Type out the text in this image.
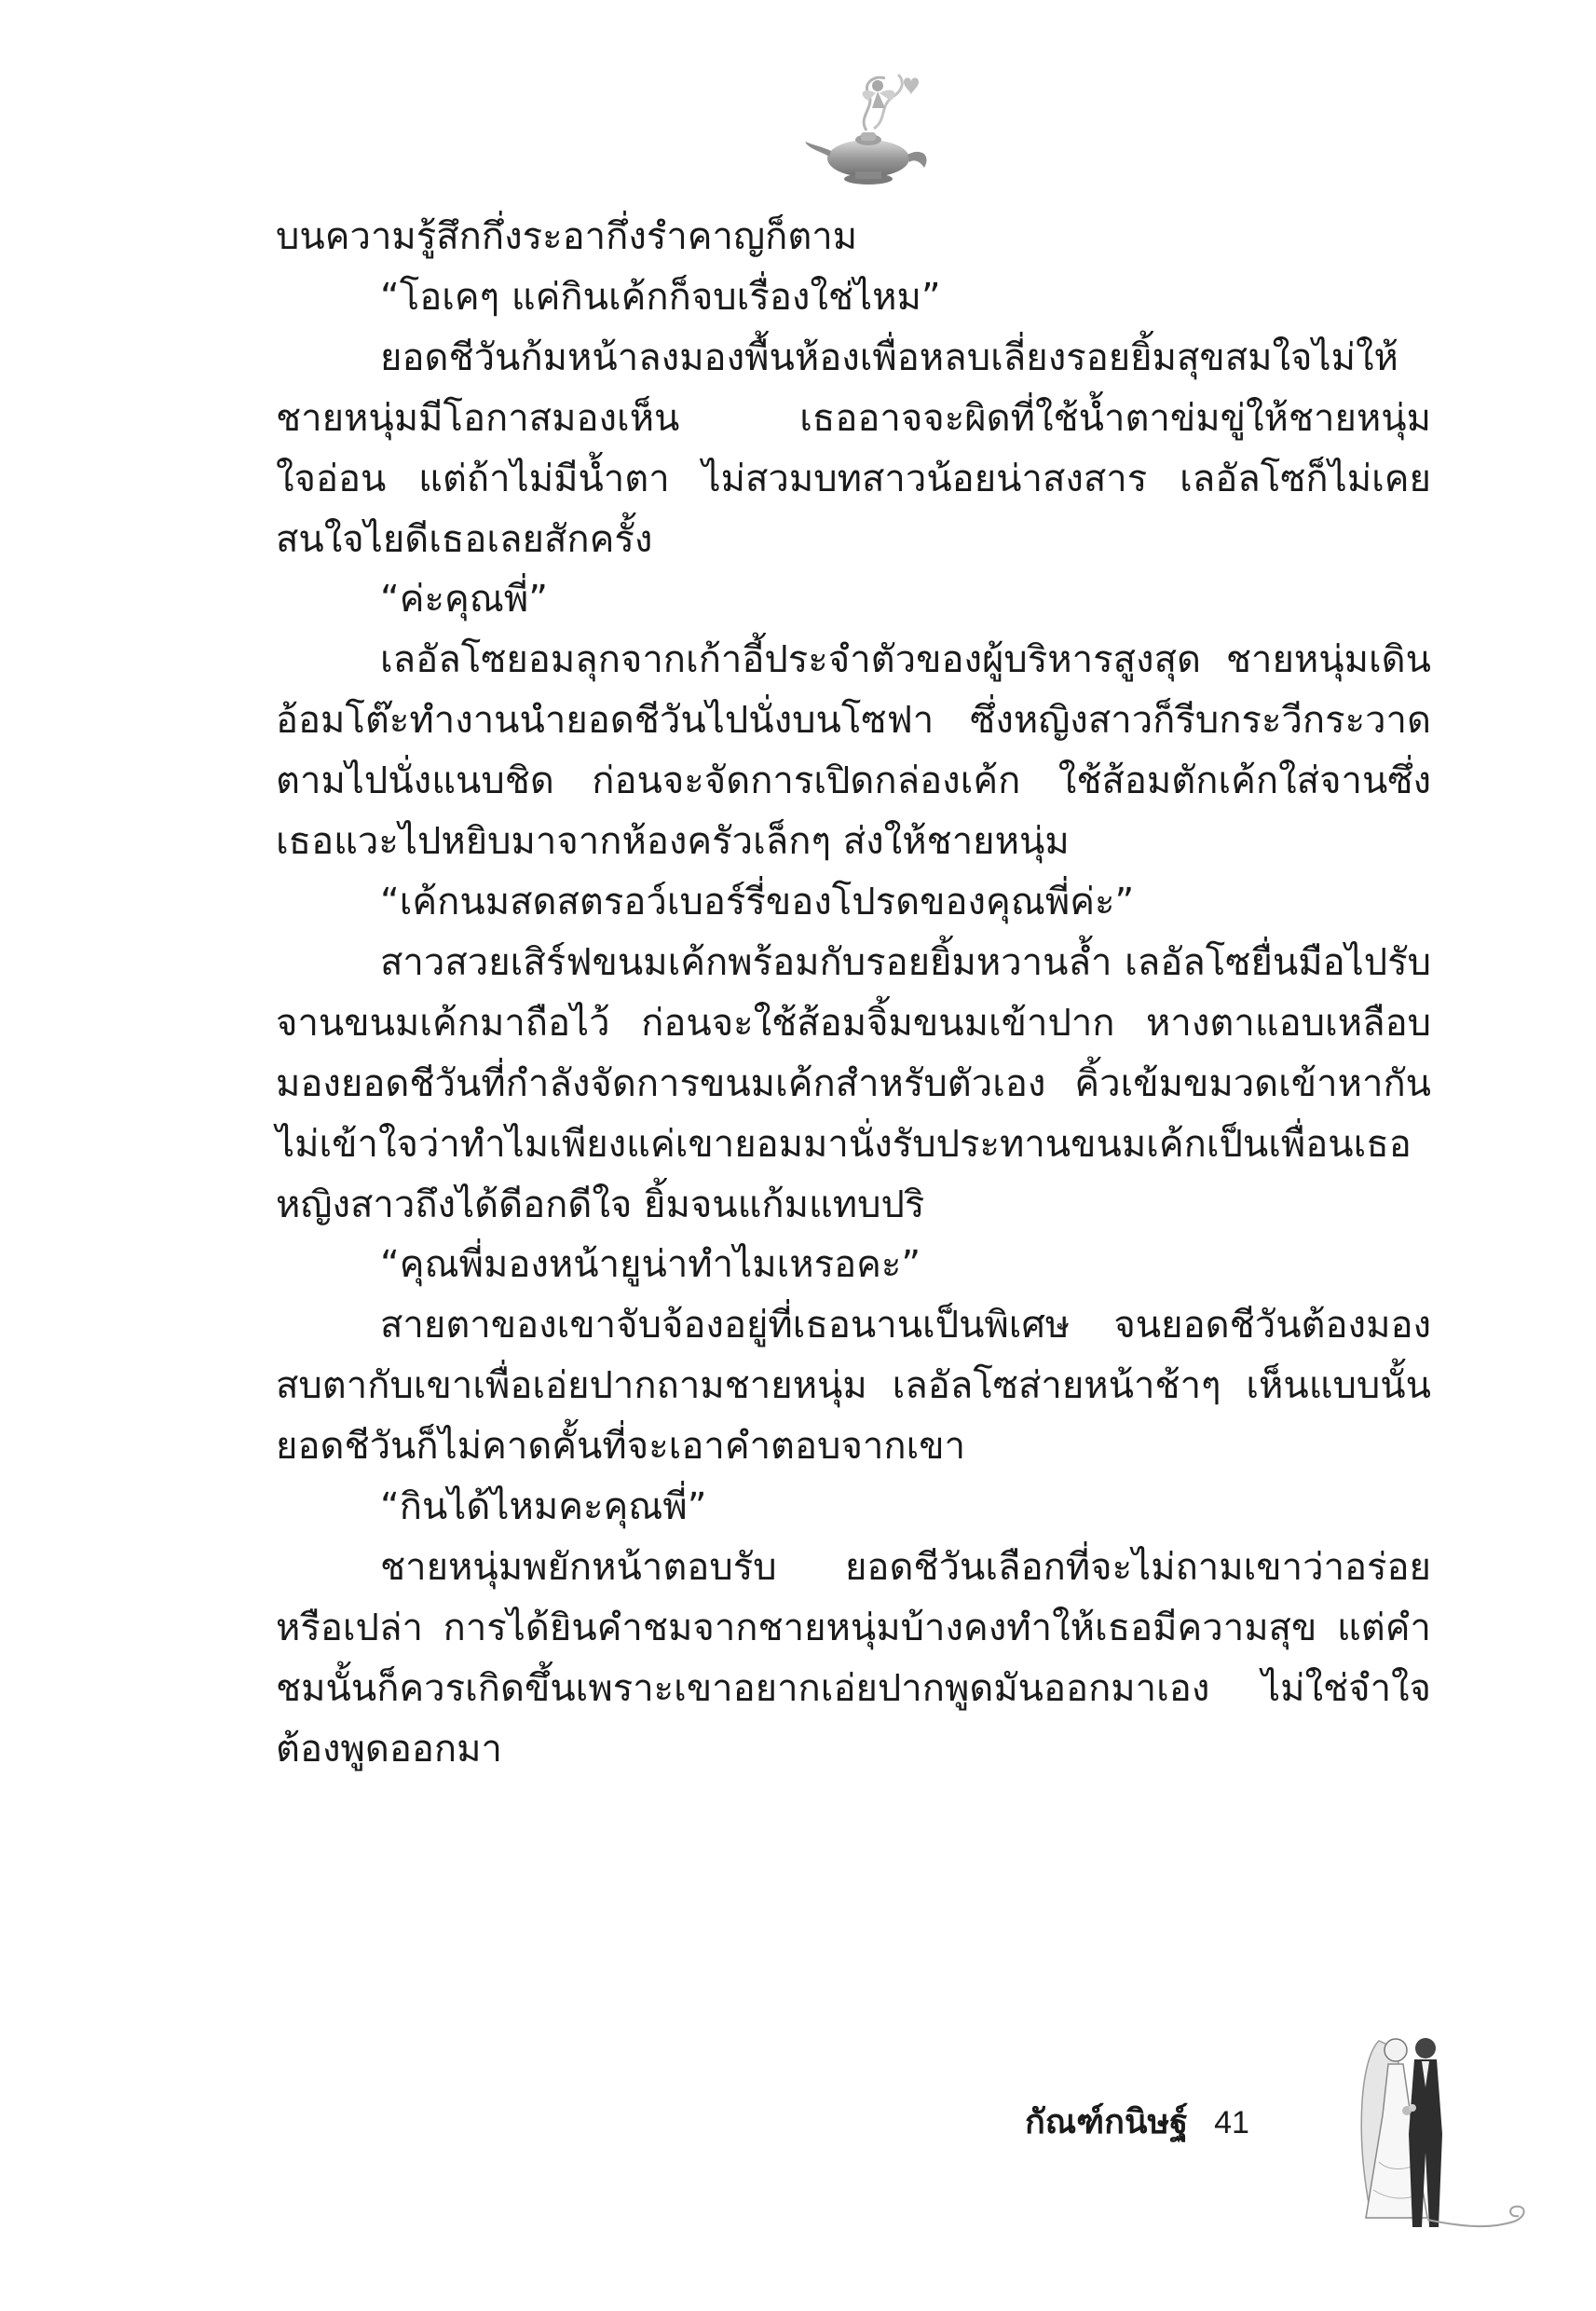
บนความรู้สึกกึ่งระอากึ่งรำคาญก็ตาม

“โอเคๆ แค่กินเค้กก็จบเรื่องใช่ไหม”

ยอดชีวันก้มหน้าลงมองพื้นห้องเพื่อหลบเลี่ยงรอยยิ้มสุขสมใจไม่ให้ชายหนุ่มมีโอกาสมองเห็น เธออาจจะผิดที่ใช้น้ำตาข่มขู่ให้ชายหนุ่มใจอ่อน แต่ถ้าไม่มีน้ำตา ไม่สวมบทสาวน้อยน่าสงสาร เลอัลโซก็ไม่เคยสนใจไยดีเธอเลยสักครั้ง

“ค่ะคุณพี่”

เลอัลโซยอมลุกจากเก้าอี้ประจำตัวของผู้บริหารสูงสุด ชายหนุ่มเดินอ้อมโต๊ะทำงานนำยอดชีวันไปนั่งบนโซฟา ซึ่งหญิงสาวก็รีบกระวีกระวาดตามไปนั่งแนบชิด ก่อนจะจัดการเปิดกล่องเค้ก ใช้ส้อมตักเค้กใส่จานซึ่งเธอแวะไปหยิบมาจากห้องครัวเล็กๆ ส่งให้ชายหนุ่ม

“เค้กนมสดสตรอว์เบอร์รี่ของโปรดของคุณพี่ค่ะ”

สาวสวยเสิร์ฟขนมเค้กพร้อมกับรอยยิ้มหวานล้ำ เลอัลโซยื่นมือไปรับจานขนมเค้กมาถือไว้ ก่อนจะใช้ส้อมจิ้มขนมเข้าปาก หางตาแอบเหลือบมองยอดชีวันที่กำลังจัดการขนมเค้กสำหรับตัวเอง คิ้วเข้มขมวดเข้าหากัน ไม่เข้าใจว่าทำไมเพียงแค่เขายอมมานั่งรับประทานขนมเค้กเป็นเพื่อนเธอ หญิงสาวถึงได้ดีอกดีใจ ยิ้มจนแก้มแทบปริ

“คุณพี่มองหน้ายูน่าทำไมเหรอคะ”

สายตาของเขาจับจ้องอยู่ที่เธอนานเป็นพิเศษ จนยอดชีวันต้องมองสบตากับเขาเพื่อเอ่ยปากถามชายหนุ่ม เลอัลโซส่ายหน้าช้าๆ เห็นแบบนั้นยอดชีวันก็ไม่คาดคั้นที่จะเอาคำตอบจากเขา

“กินได้ไหมคะคุณพี่”

ชายหนุ่มพยักหน้าตอบรับ ยอดชีวันเลือกที่จะไม่ถามเขาว่าอร่อยหรือเปล่า การได้ยินคำชมจากชายหนุ่มบ้างคงทำให้เธอมีความสุข แต่คำชมนั้นก็ควรเกิดขึ้นเพราะเขาอยากเอ่ยปากพูดมันออกมาเอง ไม่ใช่จำใจต้องพูดออกมา

กัณฑ์กนิษฐ์ 41
